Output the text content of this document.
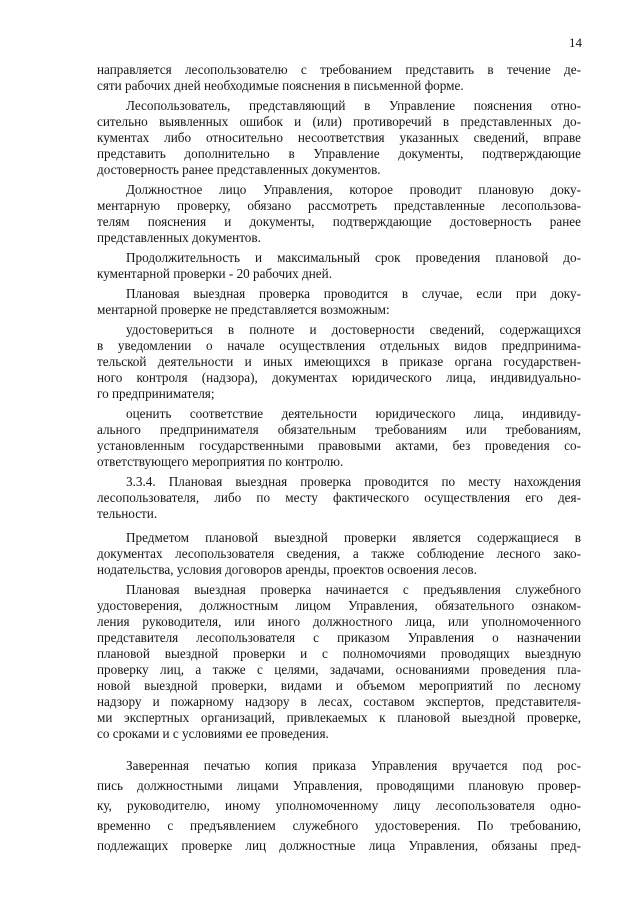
14
направляется лесопользователю с требованием представить в течение де-
сяти рабочих дней необходимые пояснения в письменной форме.
Лесопользователь, представляющий в Управление пояснения отно-
сительно выявленных ошибок и (или) противоречий в представленных до-
кументах либо относительно несоответствия указанных сведений, вправе
представить дополнительно в Управление документы, подтверждающие
достоверность ранее представленных документов.
Должностное лицо Управления, которое проводит плановую доку-
ментарную проверку, обязано рассмотреть представленные лесопользова-
телям пояснения и документы, подтверждающие достоверность ранее
представленных документов.
Продолжительность и максимальный срок проведения плановой до-
кументарной проверки - 20 рабочих дней.
Плановая выездная проверка проводится в случае, если при доку-
ментарной проверке не представляется возможным:
удостовериться в полноте и достоверности сведений, содержащихся
в уведомлении о начале осуществления отдельных видов предпринима-
тельской деятельности и иных имеющихся в приказе органа государствен-
ного контроля (надзора), документах юридического лица, индивидуально-
го предпринимателя;
оценить соответствие деятельности юридического лица, индивиду-
ального предпринимателя обязательным требованиям или требованиям,
установленным государственными правовыми актами, без проведения со-
ответствующего мероприятия по контролю.
3.3.4. Плановая выездная проверка проводится по месту нахождения
лесопользователя, либо по месту фактического осуществления его дея-
тельности.
Предметом плановой выездной проверки является содержащиеся в
документах лесопользователя сведения, а также соблюдение лесного зако-
нодательства, условия договоров аренды, проектов освоения лесов.
Плановая выездная проверка начинается с предъявления служебного
удостоверения, должностным лицом Управления, обязательного ознаком-
ления руководителя, или иного должностного лица, или уполномоченного
представителя лесопользователя с приказом Управления о назначении
плановой выездной проверки и с полномочиями проводящих выездную
проверку лиц, а также с целями, задачами, основаниями проведения пла-
новой выездной проверки, видами и объемом мероприятий по лесному
надзору и пожарному надзору в лесах, составом экспертов, представителя-
ми экспертных организаций, привлекаемых к плановой выездной проверке,
со сроками и с условиями ее проведения.
Заверенная печатью копия приказа Управления вручается под рос-
пись должностными лицами Управления, проводящими плановую провер-
ку, руководителю, иному уполномоченному лицу лесопользователя одно-
временно с предъявлением служебного удостоверения. По требованию,
подлежащих проверке лиц должностные лица Управления, обязаны пред-
